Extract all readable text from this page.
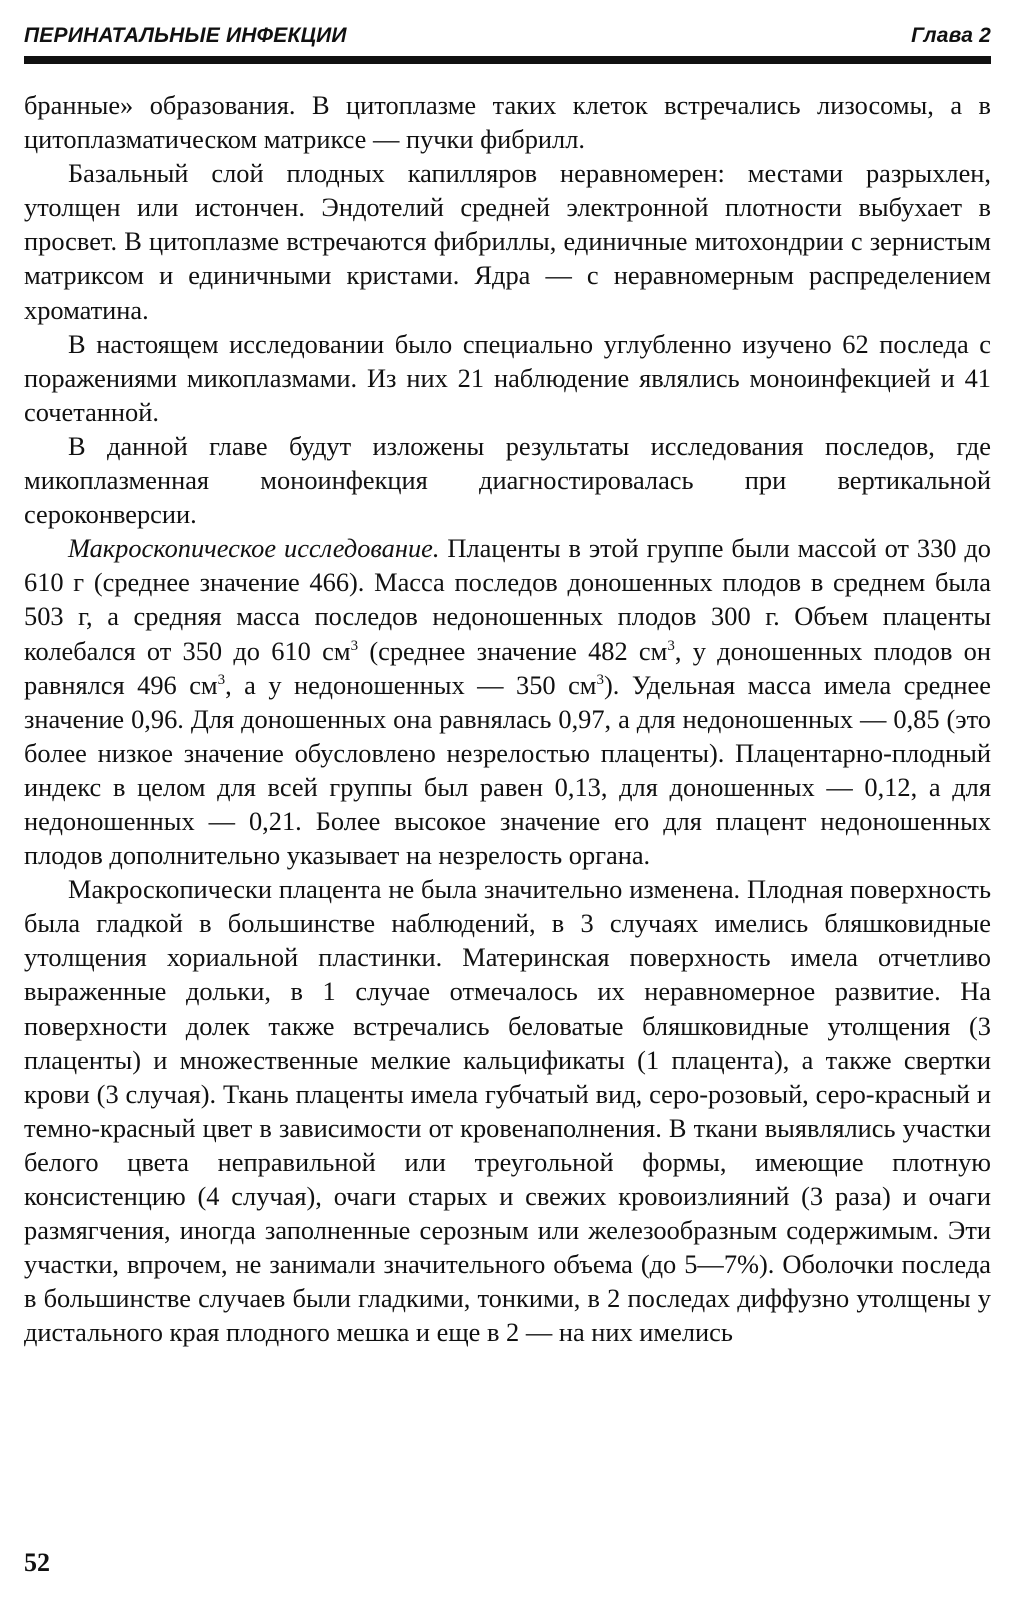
ПЕРИНАТАЛЬНЫЕ ИНФЕКЦИИ	Глава 2

бранные» образования. В цитоплазме таких клеток встречались лизосомы, а в цитоплазматическом матриксе — пучки фибрилл.

Базальный слой плодных капилляров неравномерен: местами разрыхлен, утолщен или истончен. Эндотелий средней электронной плотности выбухает в просвет. В цитоплазме встречаются фибриллы, единичные митохондрии с зернистым матриксом и единичными кристами. Ядра — с неравномерным распределением хроматина.

В настоящем исследовании было специально углубленно изучено 62 последа с поражениями микоплазмами. Из них 21 наблюдение являлись моноинфекцией и 41 сочетанной.

В данной главе будут изложены результаты исследования последов, где микоплазменная моноинфекция диагностировалась при вертикальной сероконверсии.

Макроскопическое исследование. Плаценты в этой группе были массой от 330 до 610 г (среднее значение 466). Масса последов доношенных плодов в среднем была 503 г, а средняя масса последов недоношенных плодов 300 г. Объем плаценты колебался от 350 до 610 $см^3$ (среднее значение 482 $см^3$, у доношенных плодов он равнялся 496 $см^3$, а у недоношенных — 350 $см^3$). Удельная масса имела среднее значение 0,96. Для доношенных она равнялась 0,97, а для недоношенных — 0,85 (это более низкое значение обусловлено незрелостью плаценты). Плацентарно-плодный индекс в целом для всей группы был равен 0,13, для доношенных — 0,12, а для недоношенных — 0,21. Более высокое значение его для плацент недоношенных плодов дополнительно указывает на незрелость органа.

Макроскопически плацента не была значительно изменена. Плодная поверхность была гладкой в большинстве наблюдений, в 3 случаях имелись бляшковидные утолщения хориальной пластинки. Материнская поверхность имела отчетливо выраженные дольки, в 1 случае отмечалось их неравномерное развитие. На поверхности долек также встречались беловатые бляшковидные утолщения (3 плаценты) и множественные мелкие кальцификаты (1 плацента), а также свертки крови (3 случая). Ткань плаценты имела губчатый вид, серо-розовый, серо-красный и темно-красный цвет в зависимости от кровенаполнения. В ткани выявлялись участки белого цвета неправильной или треугольной формы, имеющие плотную консистенцию (4 случая), очаги старых и свежих кровоизлияний (3 раза) и очаги размягчения, иногда заполненные серозным или железообразным содержимым. Эти участки, впрочем, не занимали значительного объема (до 5—7%). Оболочки последа в большинстве случаев были гладкими, тонкими, в 2 последах диффузно утолщены у дистального края плодного мешка и еще в 2 — на них имелись

52
